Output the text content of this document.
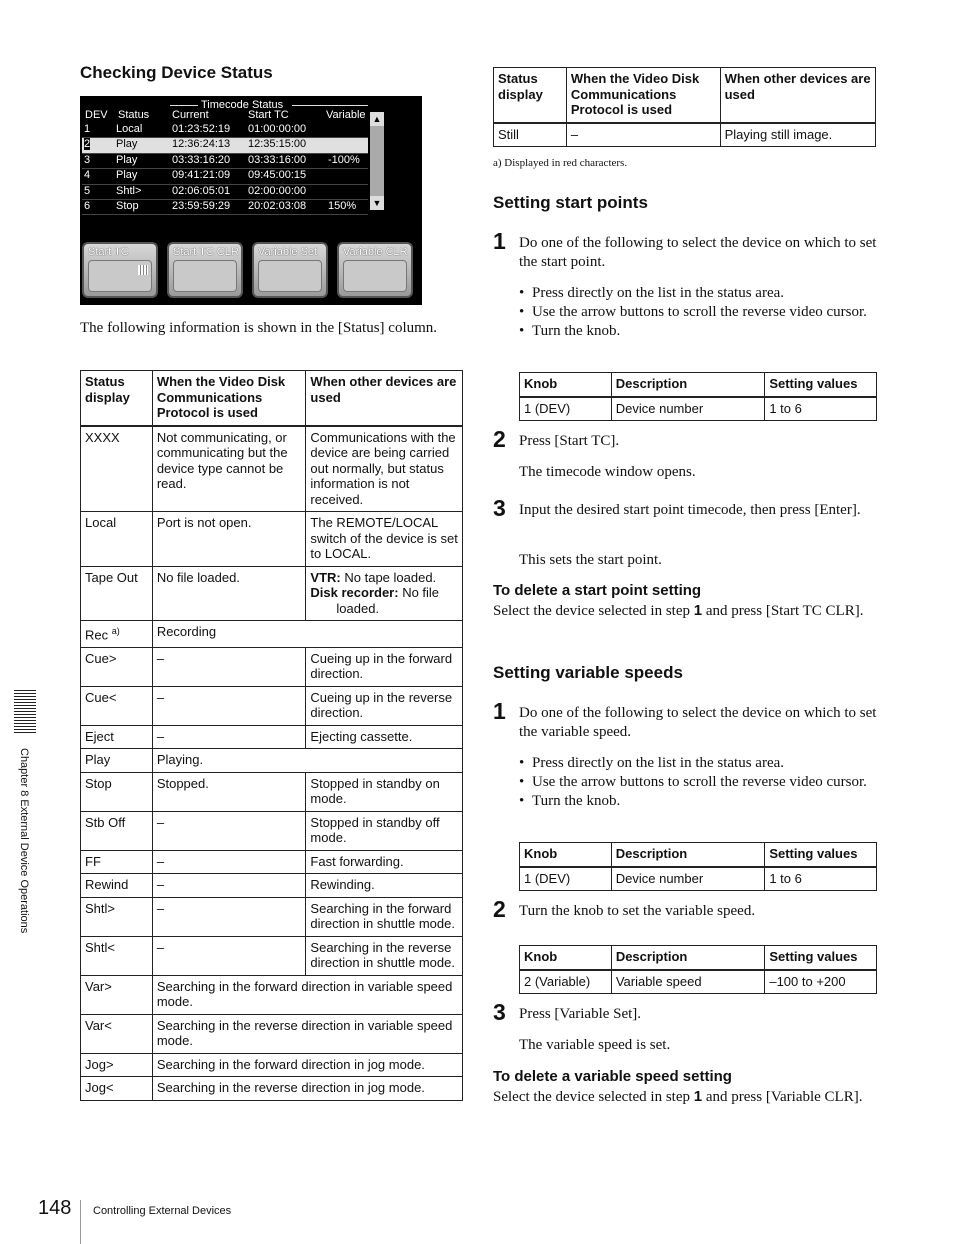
Checking Device Status
Timecode Status
DEV Status Current	Start TC	Variable
1 Local	01:23:52:19 01:00:00:00
2 Play	12:36:24:13 12:35:15:00
3 Play	03:33:16:20 03:33:16:00 -100%
4 Play	09:41:21:09 09:45:00:15
5 Shtl>	02:06:05:01 02:00:00:00
6 Stop	23:59:59:29 20:02:03:08 150%
▲
▼
Start TC	Start TC CLR Variable Set Variable CLR

The following information is shown in the [Status] column.

Status display	When the Video Disk Communications Protocol is used	When other devices are used
XXXX	Not communicating, or communicating but the device type cannot be read.	Communications with the device are being carried out normally, but status information is not received.
Local	Port is not open.	The REMOTE/LOCAL switch of the device is set to LOCAL.
Tape Out	No file loaded.	VTR: No tape loaded.
Disk recorder: No file loaded.

Rec $^{a)}$	Recording	
Cue>	–	Cueing up in the forward direction.
Cue<	–	Cueing up in the reverse direction.
Eject	–	Ejecting cassette.
Play	Playing.	
Stop	Stopped.	Stopped in standby on mode.
Stb Off	–	Stopped in standby off mode.
FF	–	Fast forwarding.
Rewind	–	Rewinding.
Shtl>	–	Searching in the forward direction in shuttle mode.
Shtl<	–	Searching in the reverse direction in shuttle mode.
Var>	Searching in the forward direction in variable speed mode.	
Var<	Searching in the reverse direction in variable speed mode.	
Jog>	Searching in the forward direction in jog mode.	
Jog<	Searching in the reverse direction in jog mode.	
Status display	When the Video Disk Communications Protocol is used	When other devices are used
Still	–	Playing still image.

a) Displayed in red characters.

Setting start points
1 Do one of the following to select the device on which to set the start point.

• Press directly on the list in the status area.
• Use the arrow buttons to scroll the reverse video cursor.
• Turn the knob.
Knob	Description	Setting values
1 (DEV)	Device number	1 to 6
2 Press [Start TC].

The timecode window opens.

3 Input the desired start point timecode, then press [Enter].

This sets the start point.

To delete a start point setting

Select the device selected in step 1 and press [Start TC CLR].

Setting variable speeds
1 Do one of the following to select the device on which to set the variable speed.

• Press directly on the list in the status area.
• Use the arrow buttons to scroll the reverse video cursor.
• Turn the knob.
Knob	Description	Setting values
1 (DEV)	Device number	1 to 6
2 Turn the knob to set the variable speed.

Knob	Description	Setting values
2 (Variable)	Variable speed	–100 to +200
3 Press [Variable Set].

The variable speed is set.

To delete a variable speed setting

Select the device selected in step 1 and press [Variable CLR].

Chapter 8 External Device Operations
148 Controlling External Devices
